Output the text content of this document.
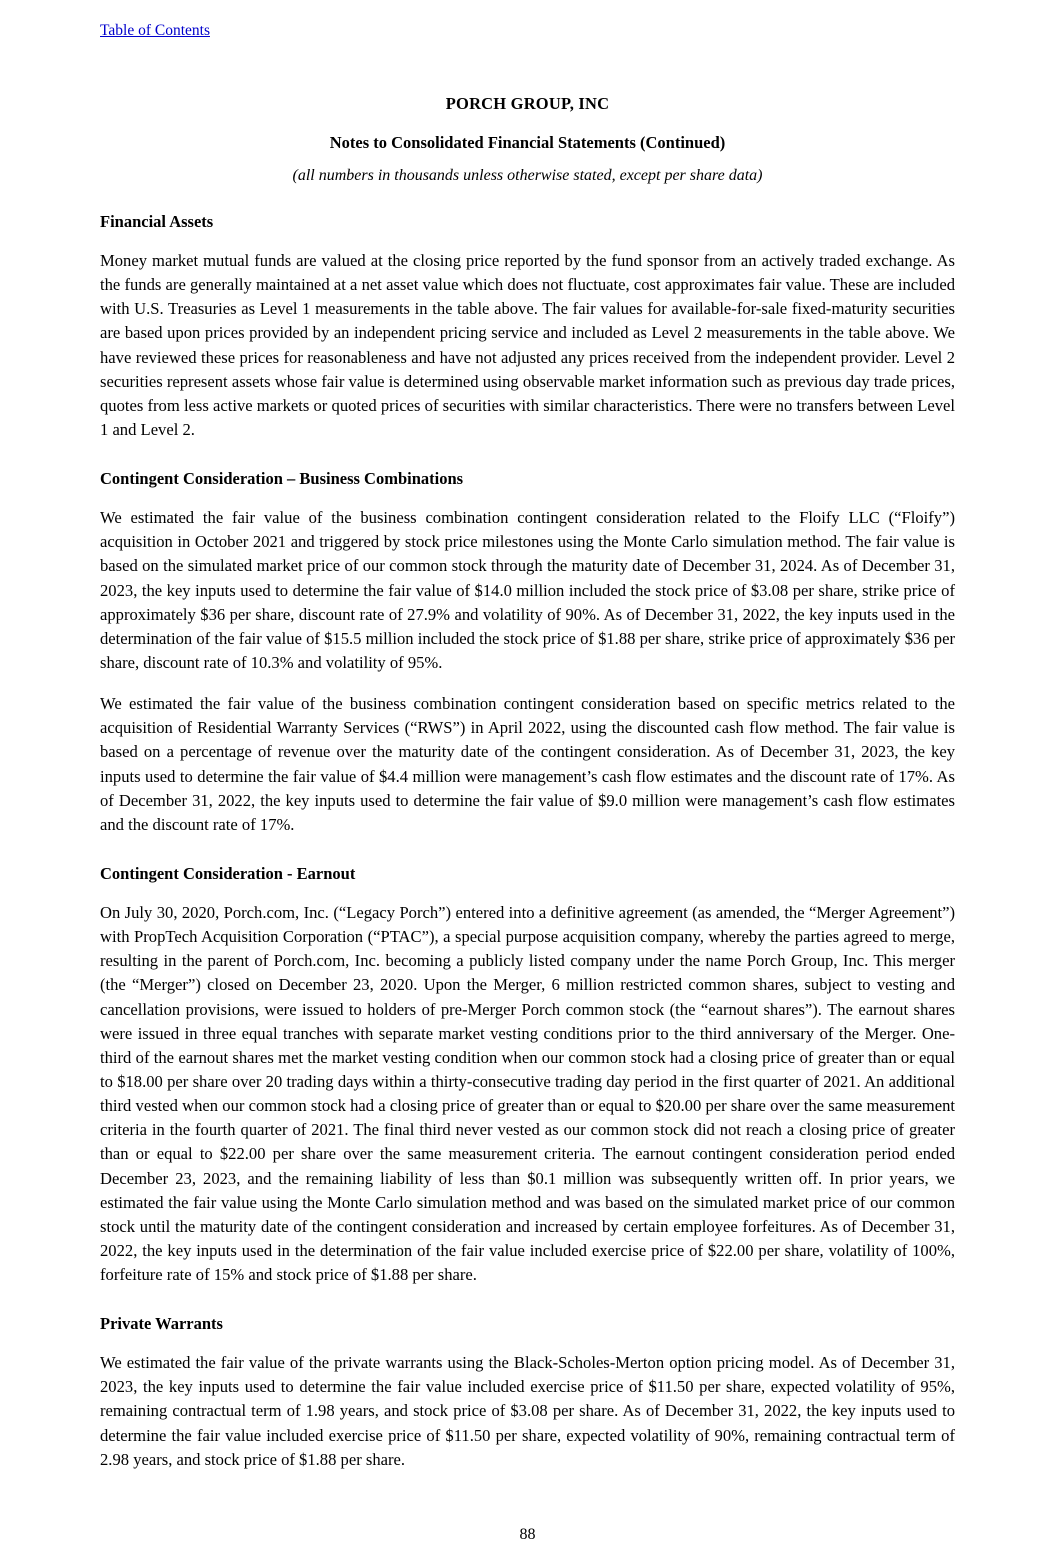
Table of Contents
PORCH GROUP, INC
Notes to Consolidated Financial Statements (Continued)
(all numbers in thousands unless otherwise stated, except per share data)
Financial Assets

Money market mutual funds are valued at the closing price reported by the fund sponsor from an actively traded exchange. As the funds are generally maintained at a net asset value which does not fluctuate, cost approximates fair value. These are included with U.S. Treasuries as Level 1 measurements in the table above. The fair values for available-for-sale fixed-maturity securities are based upon prices provided by an independent pricing service and included as Level 2 measurements in the table above. We have reviewed these prices for reasonableness and have not adjusted any prices received from the independent provider. Level 2 securities represent assets whose fair value is determined using observable market information such as previous day trade prices, quotes from less active markets or quoted prices of securities with similar characteristics. There were no transfers between Level 1 and Level 2.

Contingent Consideration – Business Combinations

We estimated the fair value of the business combination contingent consideration related to the Floify LLC (“Floify”) acquisition in October 2021 and triggered by stock price milestones using the Monte Carlo simulation method. The fair value is based on the simulated market price of our common stock through the maturity date of December 31, 2024. As of December 31, 2023, the key inputs used to determine the fair value of $14.0 million included the stock price of $3.08 per share, strike price of approximately $36 per share, discount rate of 27.9% and volatility of 90%. As of December 31, 2022, the key inputs used in the determination of the fair value of $15.5 million included the stock price of $1.88 per share, strike price of approximately $36 per share, discount rate of 10.3% and volatility of 95%.

We estimated the fair value of the business combination contingent consideration based on specific metrics related to the acquisition of Residential Warranty Services (“RWS”) in April 2022, using the discounted cash flow method. The fair value is based on a percentage of revenue over the maturity date of the contingent consideration. As of December 31, 2023, the key inputs used to determine the fair value of $4.4 million were management’s cash flow estimates and the discount rate of 17%. As of December 31, 2022, the key inputs used to determine the fair value of $9.0 million were management’s cash flow estimates and the discount rate of 17%.

Contingent Consideration - Earnout

On July 30, 2020, Porch.com, Inc. (“Legacy Porch”) entered into a definitive agreement (as amended, the “Merger Agreement”) with PropTech Acquisition Corporation (“PTAC”), a special purpose acquisition company, whereby the parties agreed to merge, resulting in the parent of Porch.com, Inc. becoming a publicly listed company under the name Porch Group, Inc. This merger (the “Merger”) closed on December 23, 2020. Upon the Merger, 6 million restricted common shares, subject to vesting and cancellation provisions, were issued to holders of pre-Merger Porch common stock (the “earnout shares”). The earnout shares were issued in three equal tranches with separate market vesting conditions prior to the third anniversary of the Merger. One-third of the earnout shares met the market vesting condition when our common stock had a closing price of greater than or equal to $18.00 per share over 20 trading days within a thirty-consecutive trading day period in the first quarter of 2021. An additional third vested when our common stock had a closing price of greater than or equal to $20.00 per share over the same measurement criteria in the fourth quarter of 2021. The final third never vested as our common stock did not reach a closing price of greater than or equal to $22.00 per share over the same measurement criteria. The earnout contingent consideration period ended December 23, 2023, and the remaining liability of less than $0.1 million was subsequently written off. In prior years, we estimated the fair value using the Monte Carlo simulation method and was based on the simulated market price of our common stock until the maturity date of the contingent consideration and increased by certain employee forfeitures. As of December 31, 2022, the key inputs used in the determination of the fair value included exercise price of $22.00 per share, volatility of 100%, forfeiture rate of 15% and stock price of $1.88 per share.

Private Warrants

We estimated the fair value of the private warrants using the Black-Scholes-Merton option pricing model. As of December 31, 2023, the key inputs used to determine the fair value included exercise price of $11.50 per share, expected volatility of 95%, remaining contractual term of 1.98 years, and stock price of $3.08 per share. As of December 31, 2022, the key inputs used to determine the fair value included exercise price of $11.50 per share, expected volatility of 90%, remaining contractual term of 2.98 years, and stock price of $1.88 per share.

88
